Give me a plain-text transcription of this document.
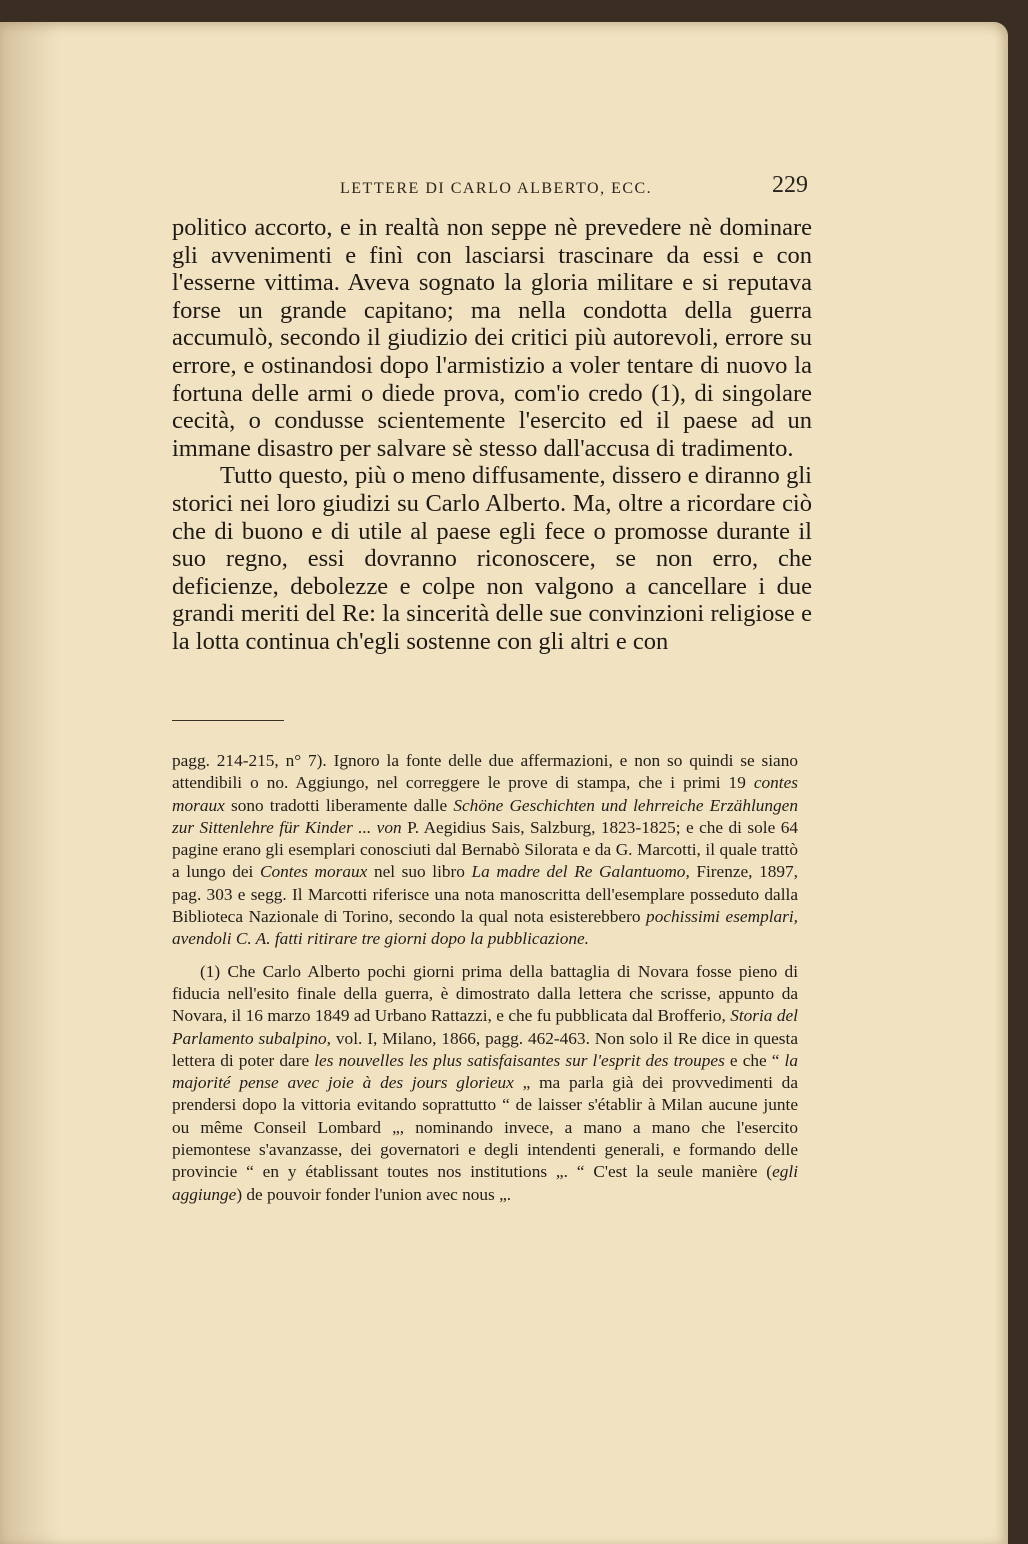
LETTERE DI CARLO ALBERTO, ECC.	229

politico accorto, e in realtà non seppe nè prevedere nè dominare gli avvenimenti e finì con lasciarsi trascinare da essi e con l'esserne vittima. Aveva sognato la gloria militare e si reputava forse un grande capitano; ma nella condotta della guerra accumulò, secondo il giudizio dei critici più autorevoli, errore su errore, e ostinandosi dopo l'armistizio a voler tentare di nuovo la fortuna delle armi o diede prova, com'io credo (1), di singolare cecità, o condusse scientemente l'esercito ed il paese ad un immane disastro per salvare sè stesso dall'accusa di tradimento.

Tutto questo, più o meno diffusamente, dissero e diranno gli storici nei loro giudizi su Carlo Alberto. Ma, oltre a ricordare ciò che di buono e di utile al paese egli fece o promosse durante il suo regno, essi dovranno riconoscere, se non erro, che deficienze, debolezze e colpe non valgono a cancellare i due grandi meriti del Re: la sincerità delle sue convinzioni religiose e la lotta continua ch'egli sostenne con gli altri e con

pagg. 214-215, n° 7). Ignoro la fonte delle due affermazioni, e non so quindi se siano attendibili o no. Aggiungo, nel correggere le prove di stampa, che i primi 19 contes moraux sono tradotti liberamente dalle Schöne Geschichten und lehrreiche Erzählungen zur Sittenlehre für Kinder ... von P. Aegidius Sais, Salzburg, 1823-1825; e che di sole 64 pagine erano gli esemplari conosciuti dal Bernabò Silorata e da G. Marcotti, il quale trattò a lungo dei Contes moraux nel suo libro La madre del Re Galantuomo, Firenze, 1897, pag. 303 e segg. Il Marcotti riferisce una nota manoscritta dell'esemplare posseduto dalla Biblioteca Nazionale di Torino, secondo la qual nota esisterebbero pochissimi esemplari, avendoli C. A. fatti ritirare tre giorni dopo la pubblicazione.

(1) Che Carlo Alberto pochi giorni prima della battaglia di Novara fosse pieno di fiducia nell'esito finale della guerra, è dimostrato dalla lettera che scrisse, appunto da Novara, il 16 marzo 1849 ad Urbano Rattazzi, e che fu pubblicata dal Brofferio, Storia del Parlamento subalpino, vol. I, Milano, 1866, pagg. 462-463. Non solo il Re dice in questa lettera di poter dare les nouvelles les plus satisfaisantes sur l'esprit des troupes e che “ la majorité pense avec joie à des jours glorieux „ ma parla già dei provvedimenti da prendersi dopo la vittoria evitando soprattutto “ de laisser s'établir à Milan aucune junte ou même Conseil Lombard „, nominando invece, a mano a mano che l'esercito piemontese s'avanzasse, dei governatori e degli intendenti generali, e formando delle provincie “ en y établissant toutes nos institutions „. “ C'est la seule manière (egli aggiunge) de pouvoir fonder l'union avec nous „.
